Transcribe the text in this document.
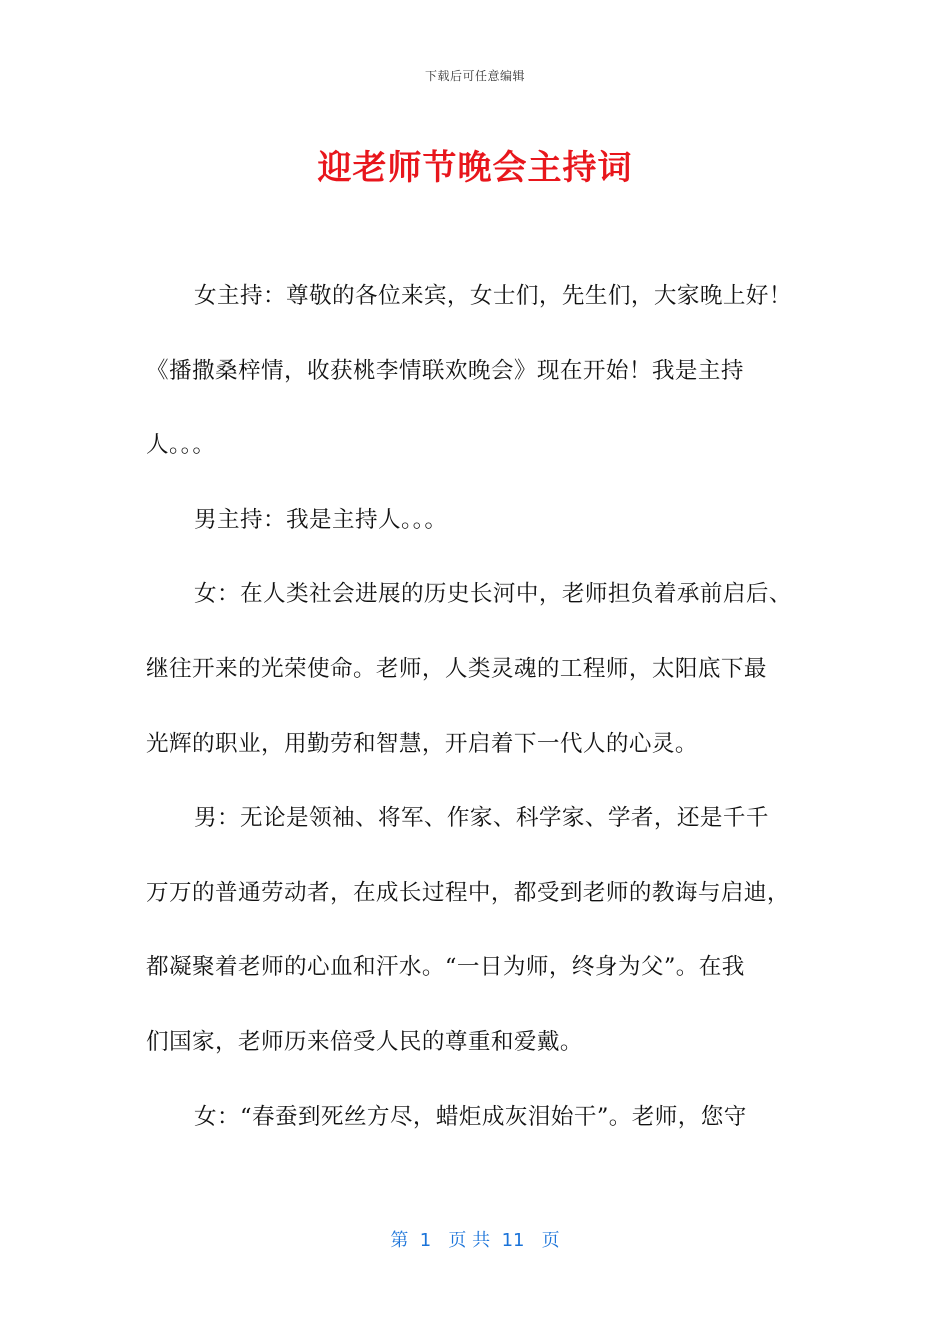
下载后可任意编辑
迎老师节晚会主持词
女主持：尊敬的各位来宾，女士们，先生们，大家晚上好！
《播撒桑梓情，收获桃李情联欢晚会》现在开始！我是主持
人。。。
男主持：我是主持人。。。
女：在人类社会进展的历史长河中，老师担负着承前启后、
继往开来的光荣使命。老师，人类灵魂的工程师，太阳底下最
光辉的职业，用勤劳和智慧，开启着下一代人的心灵。
男：无论是领袖、将军、作家、科学家、学者，还是千千
万万的普通劳动者，在成长过程中，都受到老师的教诲与启迪，
都凝聚着老师的心血和汗水。“一日为师，终身为父”。在我
们国家，老师历来倍受人民的尊重和爱戴。
女：“春蚕到死丝方尽，蜡炬成灰泪始干”。老师，您守
第  1   页 共  11   页
